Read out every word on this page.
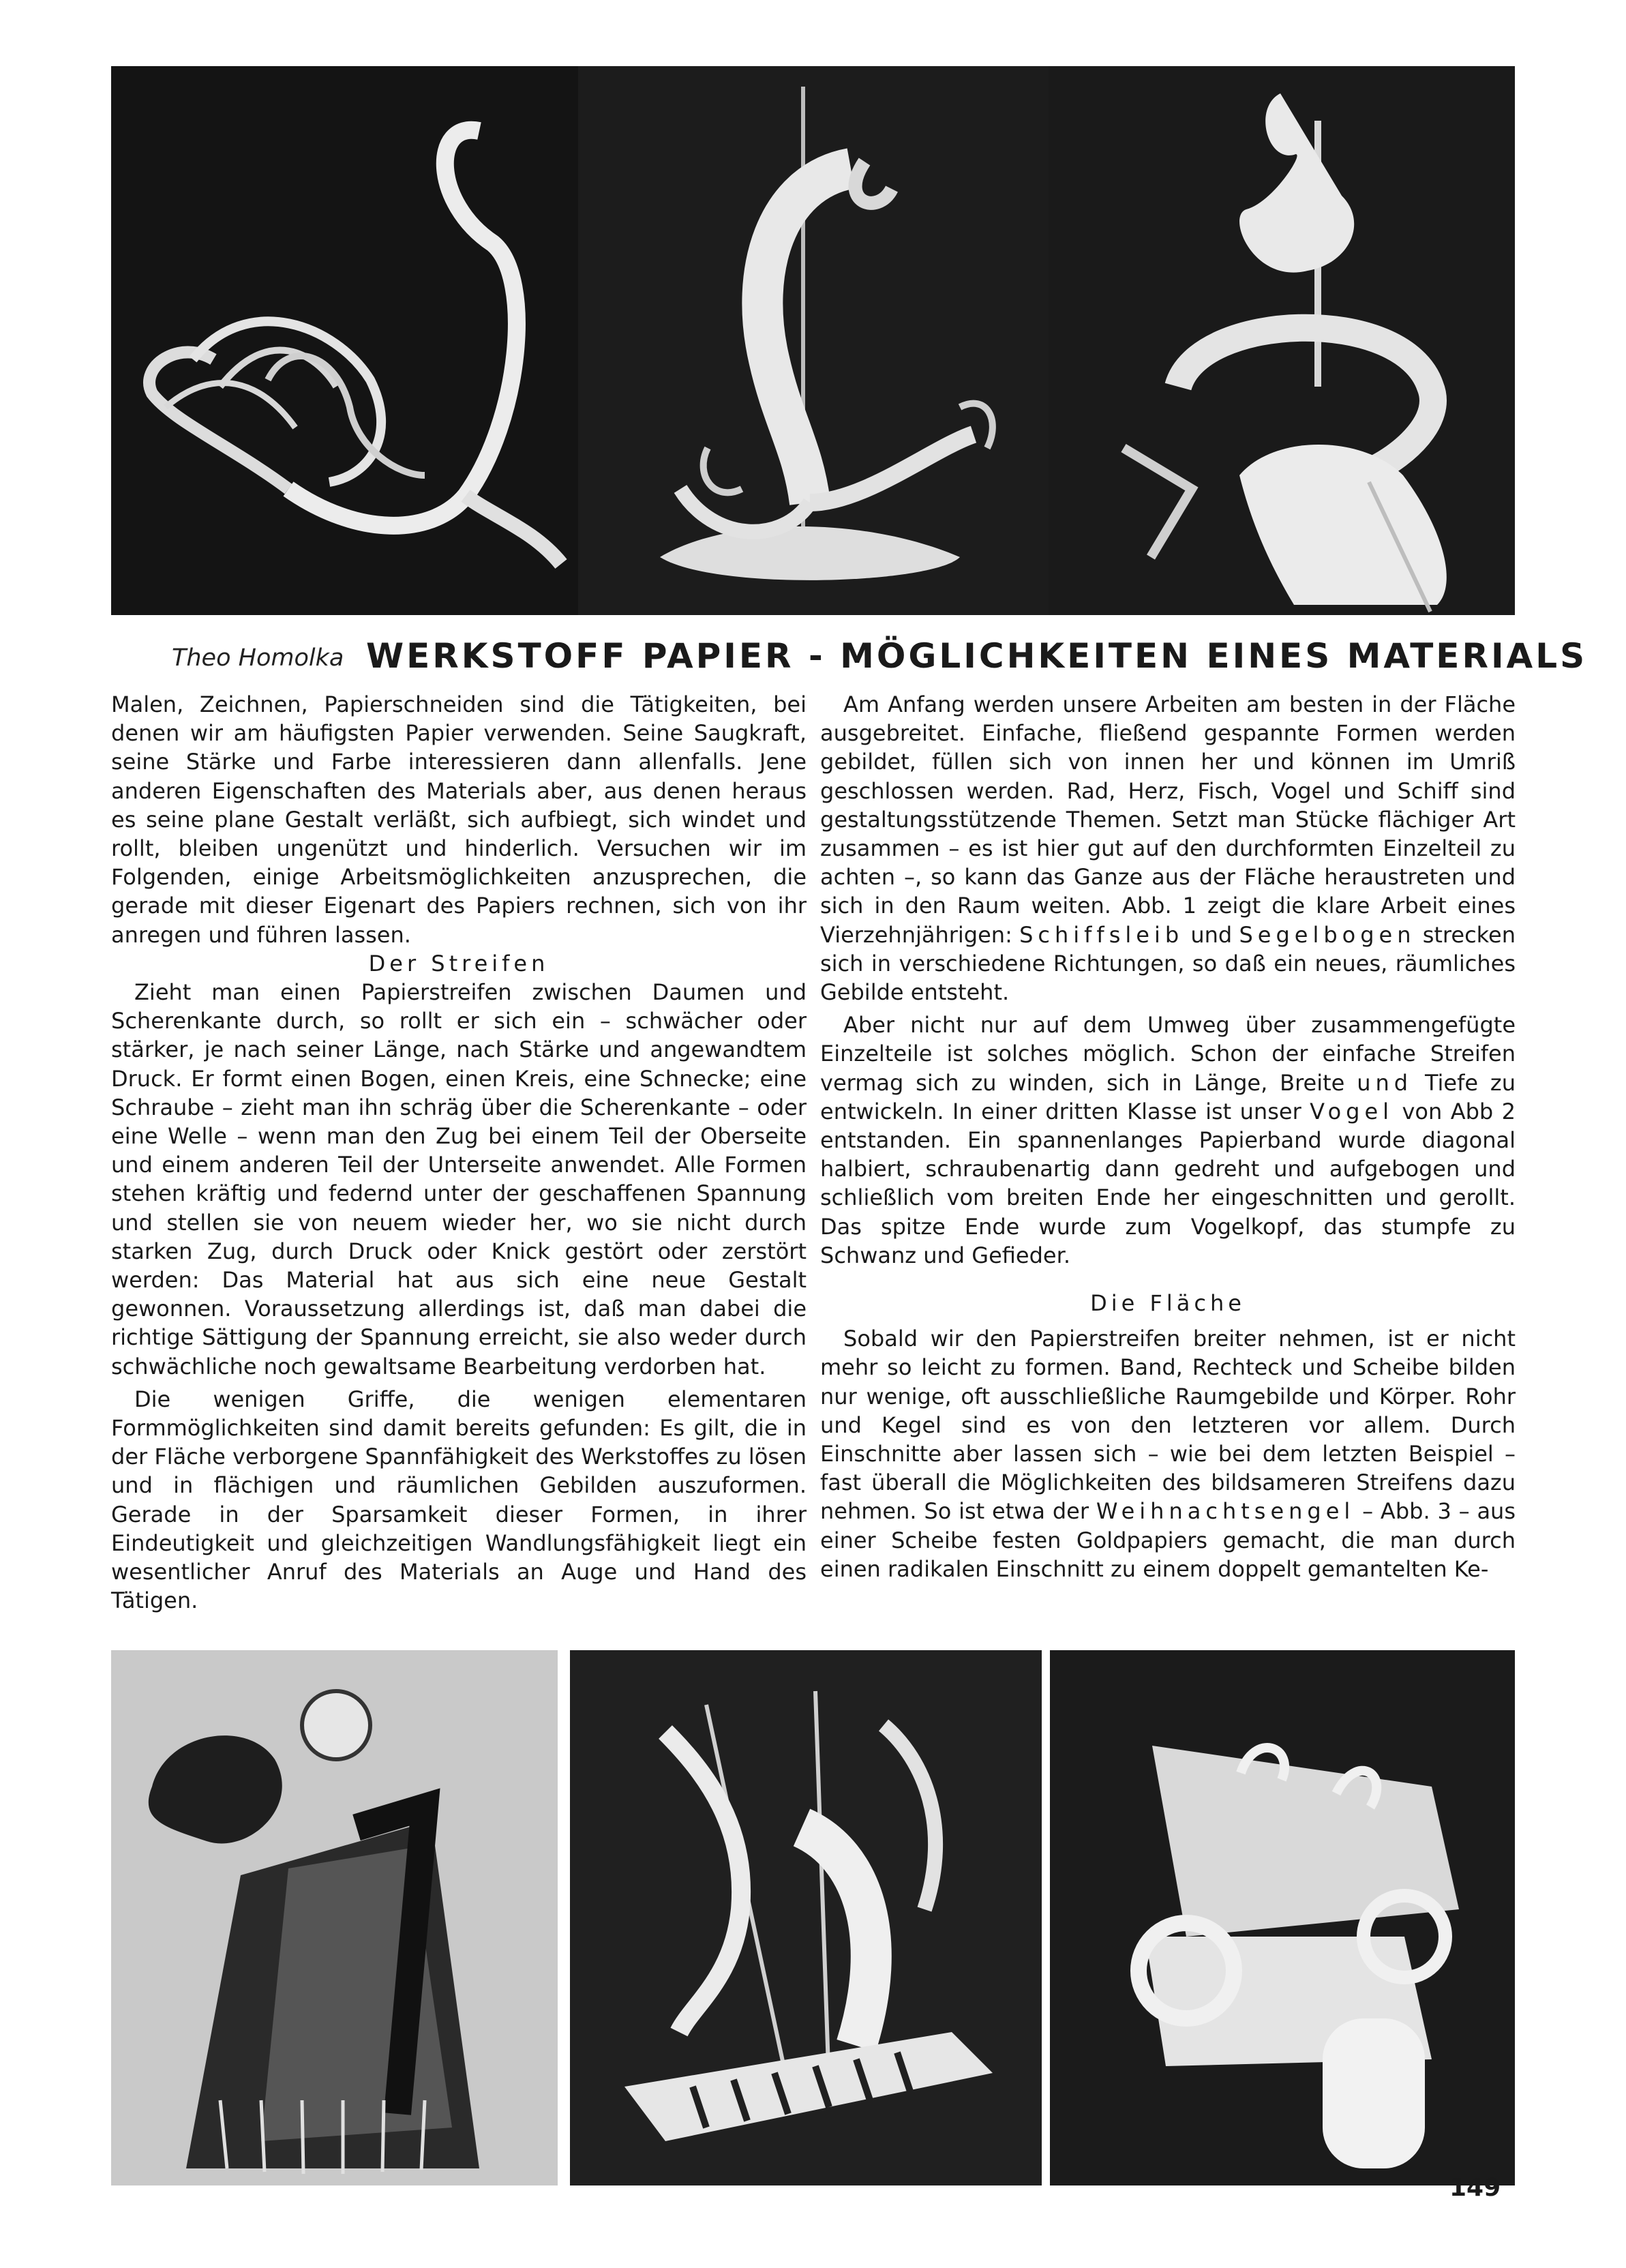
Theo Homolka WERKSTOFF PAPIER - MÖGLICHKEITEN EINES MATERIALS

Malen, Zeichnen, Papierschneiden sind die Tätigkeiten, bei denen wir am häufigsten Papier verwenden. Seine Saugkraft, seine Stärke und Farbe interessieren dann allenfalls. Jene anderen Eigenschaften des Materials aber, aus denen heraus es seine plane Gestalt verläßt, sich aufbiegt, sich windet und rollt, bleiben ungenützt und hinderlich. Versuchen wir im Folgenden, einige Arbeitsmöglichkeiten anzusprechen, die gerade mit dieser Eigenart des Papiers rechnen, sich von ihr anregen und führen lassen.

Der Streifen

Zieht man einen Papierstreifen zwischen Daumen und Scherenkante durch, so rollt er sich ein – schwächer oder stärker, je nach seiner Länge, nach Stärke und angewandtem Druck. Er formt einen Bogen, einen Kreis, eine Schnecke; eine Schraube – zieht man ihn schräg über die Scherenkante – oder eine Welle – wenn man den Zug bei einem Teil der Oberseite und einem anderen Teil der Unterseite anwendet. Alle Formen stehen kräftig und federnd unter der geschaffenen Spannung und stellen sie von neuem wieder her, wo sie nicht durch starken Zug, durch Druck oder Knick gestört oder zerstört werden: Das Material hat aus sich eine neue Gestalt gewonnen. Voraussetzung allerdings ist, daß man dabei die richtige Sättigung der Spannung erreicht, sie also weder durch schwächliche noch gewaltsame Bearbeitung verdorben hat.

Die wenigen Griffe, die wenigen elementaren Formmöglichkeiten sind damit bereits gefunden: Es gilt, die in der Fläche verborgene Spannfähigkeit des Werkstoffes zu lösen und in flächigen und räumlichen Gebilden auszuformen. Gerade in der Sparsamkeit dieser Formen, in ihrer Eindeutigkeit und gleichzeitigen Wandlungsfähigkeit liegt ein wesentlicher Anruf des Materials an Auge und Hand des Tätigen.

Am Anfang werden unsere Arbeiten am besten in der Fläche ausgebreitet. Einfache, fließend gespannte Formen werden gebildet, füllen sich von innen her und können im Umriß geschlossen werden. Rad, Herz, Fisch, Vogel und Schiff sind gestaltungsstützende Themen. Setzt man Stücke flächiger Art zusammen – es ist hier gut auf den durchformten Einzelteil zu achten –, so kann das Ganze aus der Fläche heraustreten und sich in den Raum weiten. Abb. 1 zeigt die klare Arbeit eines Vierzehnjährigen: Schiffsleib und Segelbogen strecken sich in verschiedene Richtungen, so daß ein neues, räumliches Gebilde entsteht.

Aber nicht nur auf dem Umweg über zusammengefügte Einzelteile ist solches möglich. Schon der einfache Streifen vermag sich zu winden, sich in Länge, Breite und Tiefe zu entwickeln. In einer dritten Klasse ist unser Vogel von Abb 2 entstanden. Ein spannenlanges Papierband wurde diagonal halbiert, schraubenartig dann gedreht und aufgebogen und schließlich vom breiten Ende her eingeschnitten und gerollt. Das spitze Ende wurde zum Vogelkopf, das stumpfe zu Schwanz und Gefieder.

Die Fläche

Sobald wir den Papierstreifen breiter nehmen, ist er nicht mehr so leicht zu formen. Band, Rechteck und Scheibe bilden nur wenige, oft ausschließliche Raumgebilde und Körper. Rohr und Kegel sind es von den letzteren vor allem. Durch Einschnitte aber lassen sich – wie bei dem letzten Beispiel – fast überall die Möglichkeiten des bildsameren Streifens dazu nehmen. So ist etwa der Weihnachtsengel – Abb. 3 – aus einer Scheibe festen Goldpapiers gemacht, die man durch einen radikalen Einschnitt zu einem doppelt gemantelten Ke-

149
